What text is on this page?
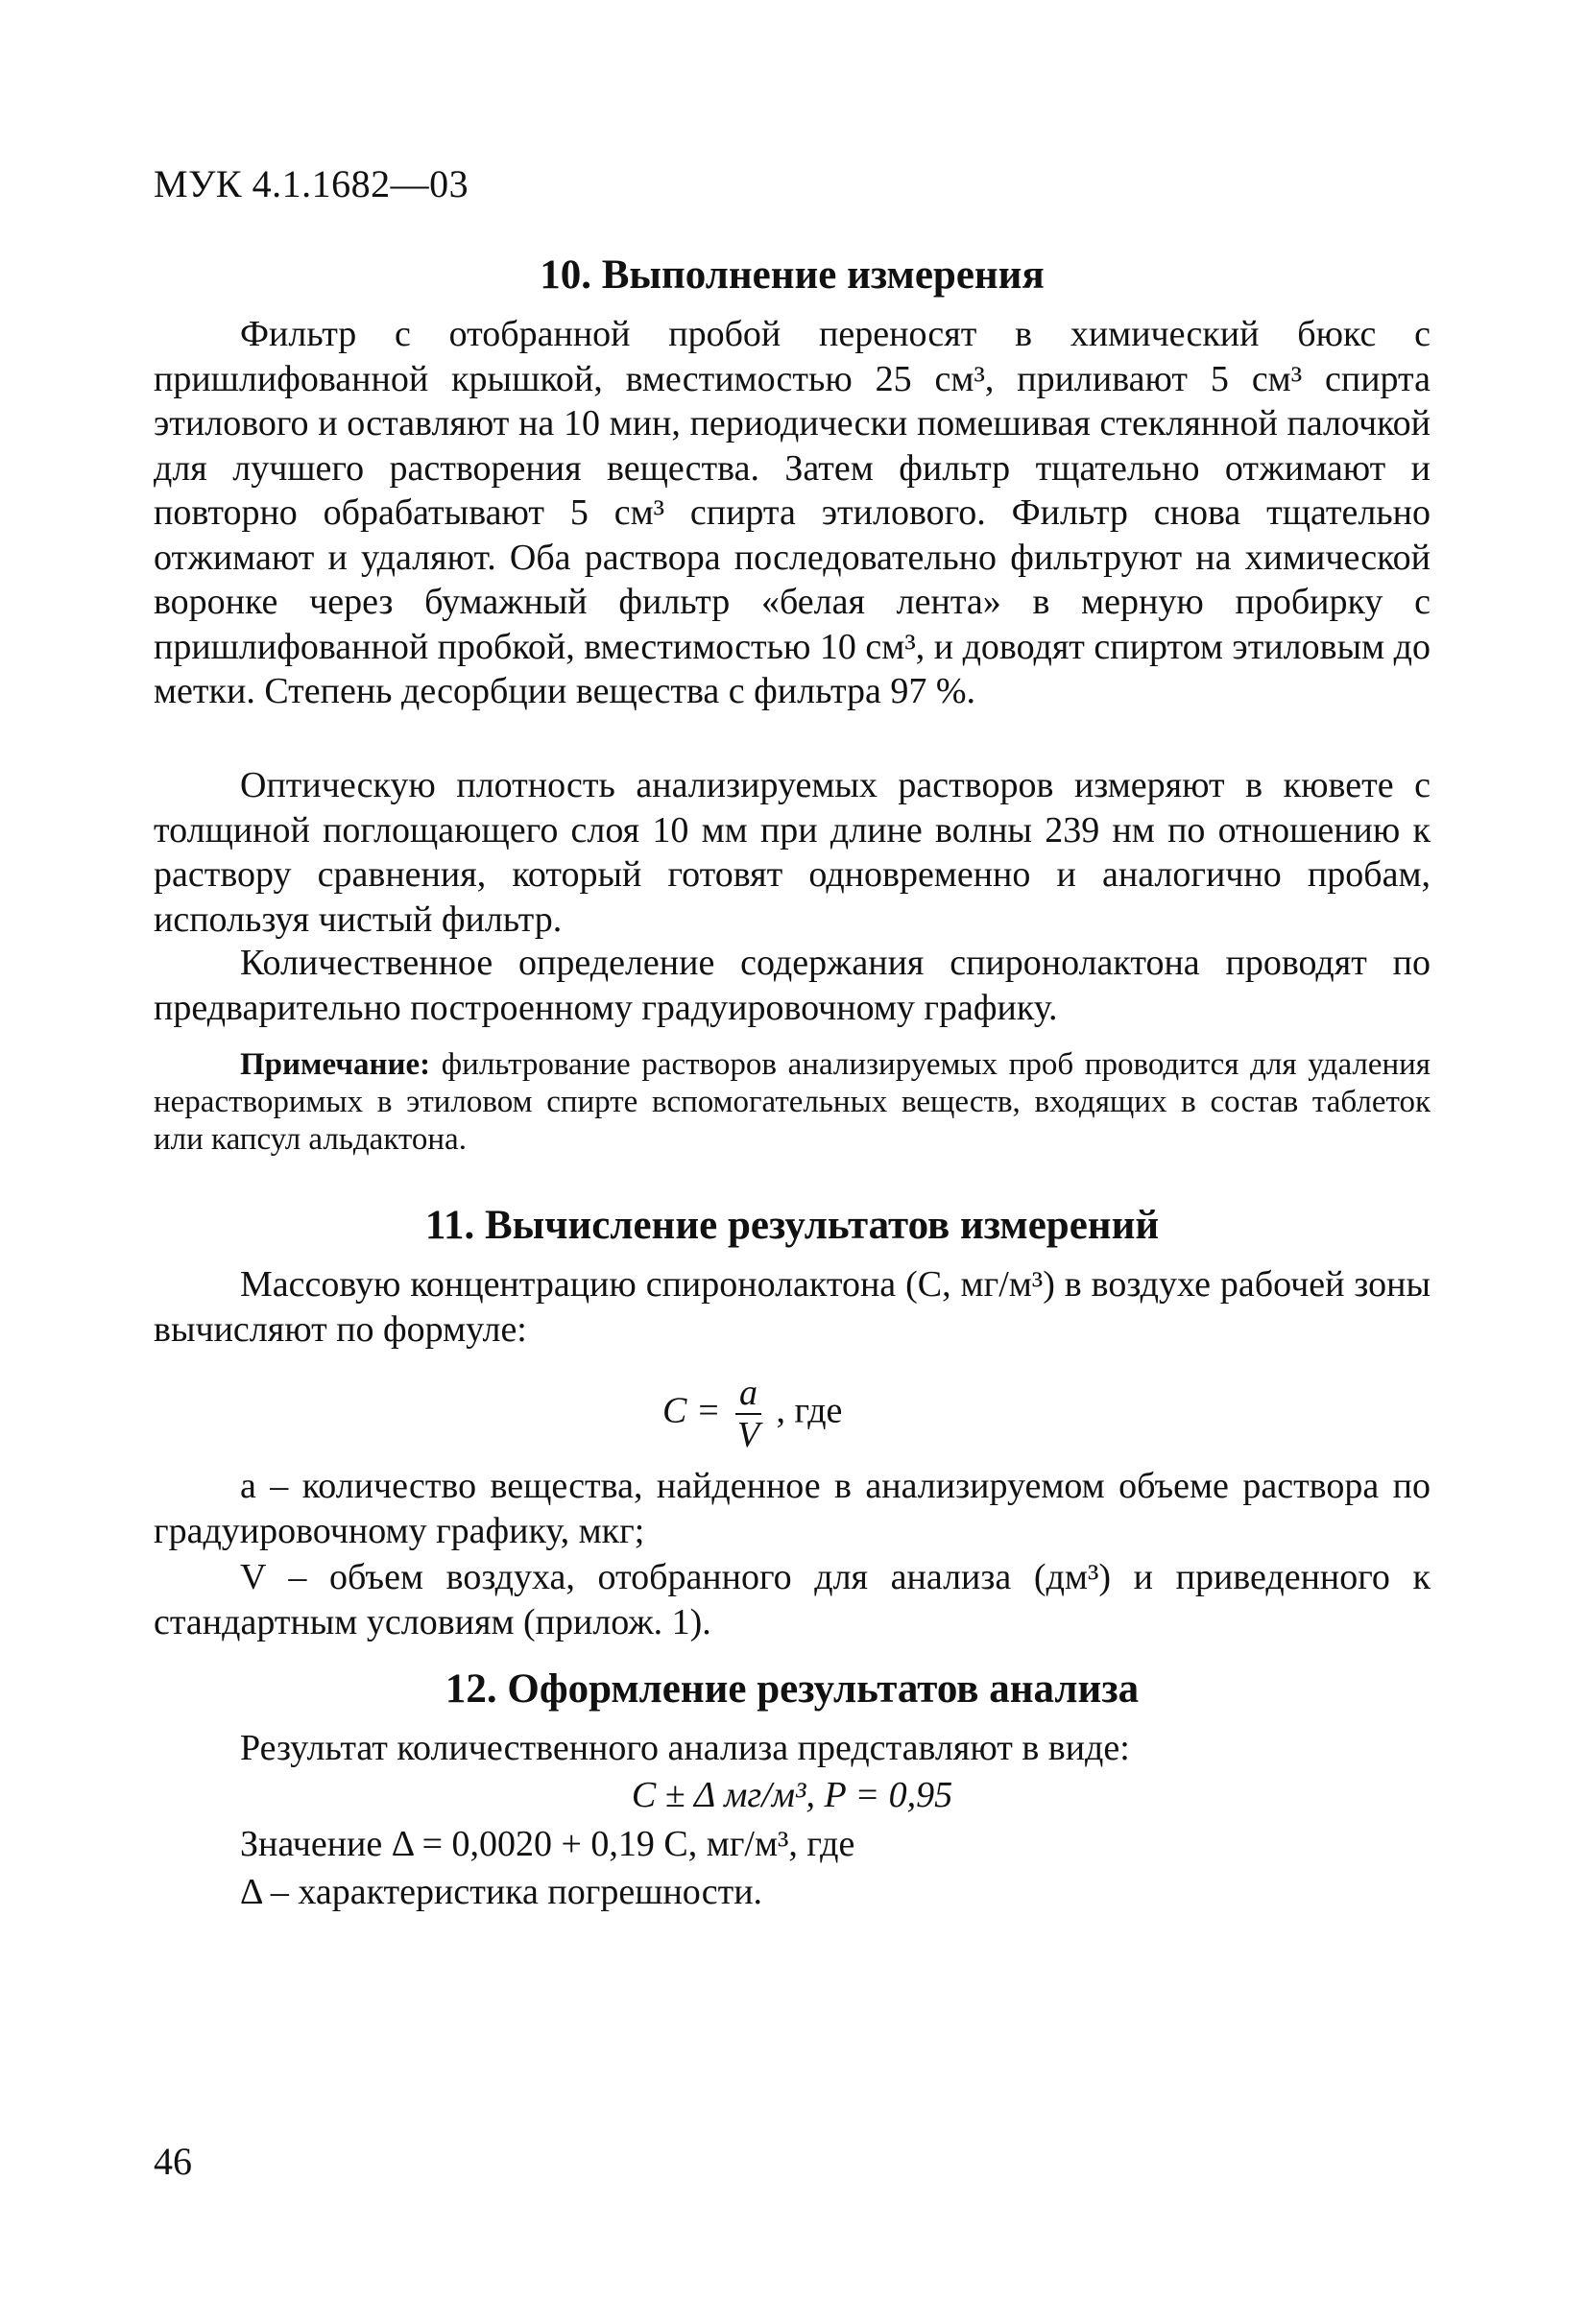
МУК 4.1.1682—03
10. Выполнение измерения
Фильтр с отобранной пробой переносят в химический бюкс с пришлифованной крышкой, вместимостью 25 см³, приливают 5 см³ спирта этилового и оставляют на 10 мин, периодически помешивая стеклянной палочкой для лучшего растворения вещества. Затем фильтр тщательно отжимают и повторно обрабатывают 5 см³ спирта этилового. Фильтр снова тщательно отжимают и удаляют. Оба раствора последовательно фильтруют на химической воронке через бумажный фильтр «белая лента» в мерную пробирку с пришлифованной пробкой, вместимостью 10 см³, и доводят спиртом этиловым до метки. Степень десорбции вещества с фильтра 97 %.
Оптическую плотность анализируемых растворов измеряют в кювете с толщиной поглощающего слоя 10 мм при длине волны 239 нм по отношению к раствору сравнения, который готовят одновременно и аналогично пробам, используя чистый фильтр.
Количественное определение содержания спиронолактона проводят по предварительно построенному градуировочному графику.
Примечание: фильтрование растворов анализируемых проб проводится для удаления нерастворимых в этиловом спирте вспомогательных веществ, входящих в состав таблеток или капсул альдактона.
11. Вычисление результатов измерений
Массовую концентрацию спиронолактона (C, мг/м³) в воздухе рабочей зоны вычисляют по формуле:
$C = \frac{a}{V}$ , где
a – количество вещества, найденное в анализируемом объеме раствора по градуировочному графику, мкг;
V – объем воздуха, отобранного для анализа (дм³) и приведенного к стандартным условиям (прилож. 1).
12. Оформление результатов анализа
Результат количественного анализа представляют в виде:
C ± Δ мг/м³, P = 0,95
Значение Δ = 0,0020 + 0,19 C, мг/м³, где
Δ – характеристика погрешности.
46
